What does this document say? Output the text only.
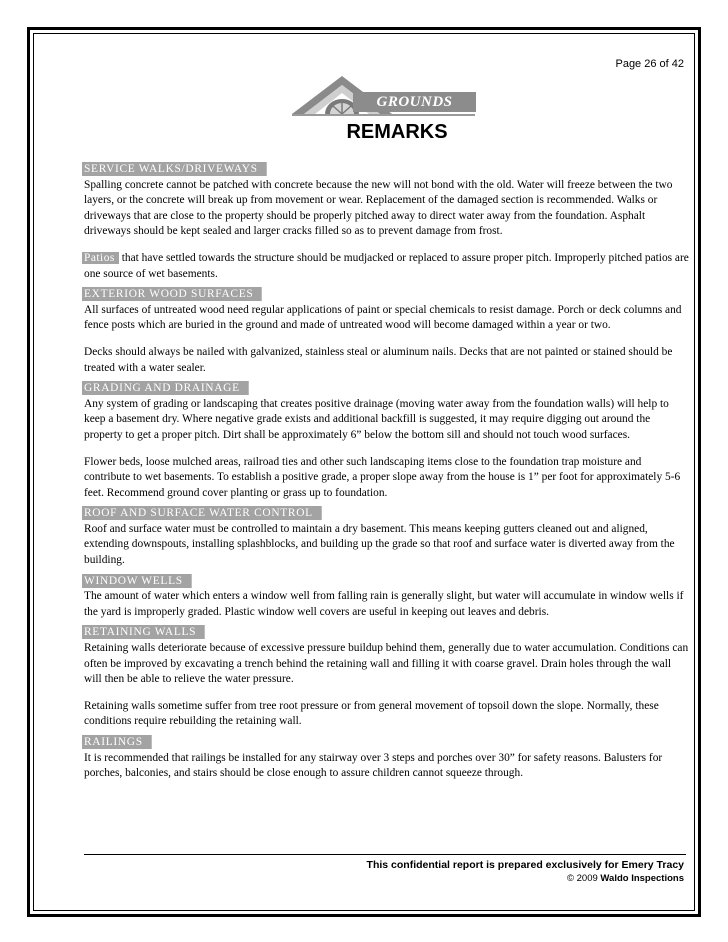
Page 26 of 42
GROUNDS
REMARKS
SERVICE WALKS/DRIVEWAYS

Spalling concrete cannot be patched with concrete because the new will not bond with the old. Water will freeze between the two layers, or the concrete will break up from movement or wear. Replacement of the damaged section is recommended. Walks or driveways that are close to the property should be properly pitched away to direct water away from the foundation. Asphalt driveways should be kept sealed and larger cracks filled so as to prevent damage from frost.

Patios that have settled towards the structure should be mudjacked or replaced to assure proper pitch. Improperly pitched patios are one source of wet basements.

EXTERIOR WOOD SURFACES

All surfaces of untreated wood need regular applications of paint or special chemicals to resist damage. Porch or deck columns and fence posts which are buried in the ground and made of untreated wood will become damaged within a year or two.

Decks should always be nailed with galvanized, stainless steal or aluminum nails. Decks that are not painted or stained should be treated with a water sealer.

GRADING AND DRAINAGE

Any system of grading or landscaping that creates positive drainage (moving water away from the foundation walls) will help to keep a basement dry. Where negative grade exists and additional backfill is suggested, it may require digging out around the property to get a proper pitch. Dirt shall be approximately 6” below the bottom sill and should not touch wood surfaces.

Flower beds, loose mulched areas, railroad ties and other such landscaping items close to the foundation trap moisture and contribute to wet basements. To establish a positive grade, a proper slope away from the house is 1” per foot for approximately 5-6 feet. Recommend ground cover planting or grass up to foundation.

ROOF AND SURFACE WATER CONTROL

Roof and surface water must be controlled to maintain a dry basement. This means keeping gutters cleaned out and aligned, extending downspouts, installing splashblocks, and building up the grade so that roof and surface water is diverted away from the building.

WINDOW WELLS

The amount of water which enters a window well from falling rain is generally slight, but water will accumulate in window wells if the yard is improperly graded. Plastic window well covers are useful in keeping out leaves and debris.

RETAINING WALLS

Retaining walls deteriorate because of excessive pressure buildup behind them, generally due to water accumulation. Conditions can often be improved by excavating a trench behind the retaining wall and filling it with coarse gravel. Drain holes through the wall will then be able to relieve the water pressure.

Retaining walls sometime suffer from tree root pressure or from general movement of topsoil down the slope. Normally, these conditions require rebuilding the retaining wall.

RAILINGS

It is recommended that railings be installed for any stairway over 3 steps and porches over 30” for safety reasons. Balusters for porches, balconies, and stairs should be close enough to assure children cannot squeeze through.

This confidential report is prepared exclusively for Emery Tracy
© 2009 Waldo Inspections
